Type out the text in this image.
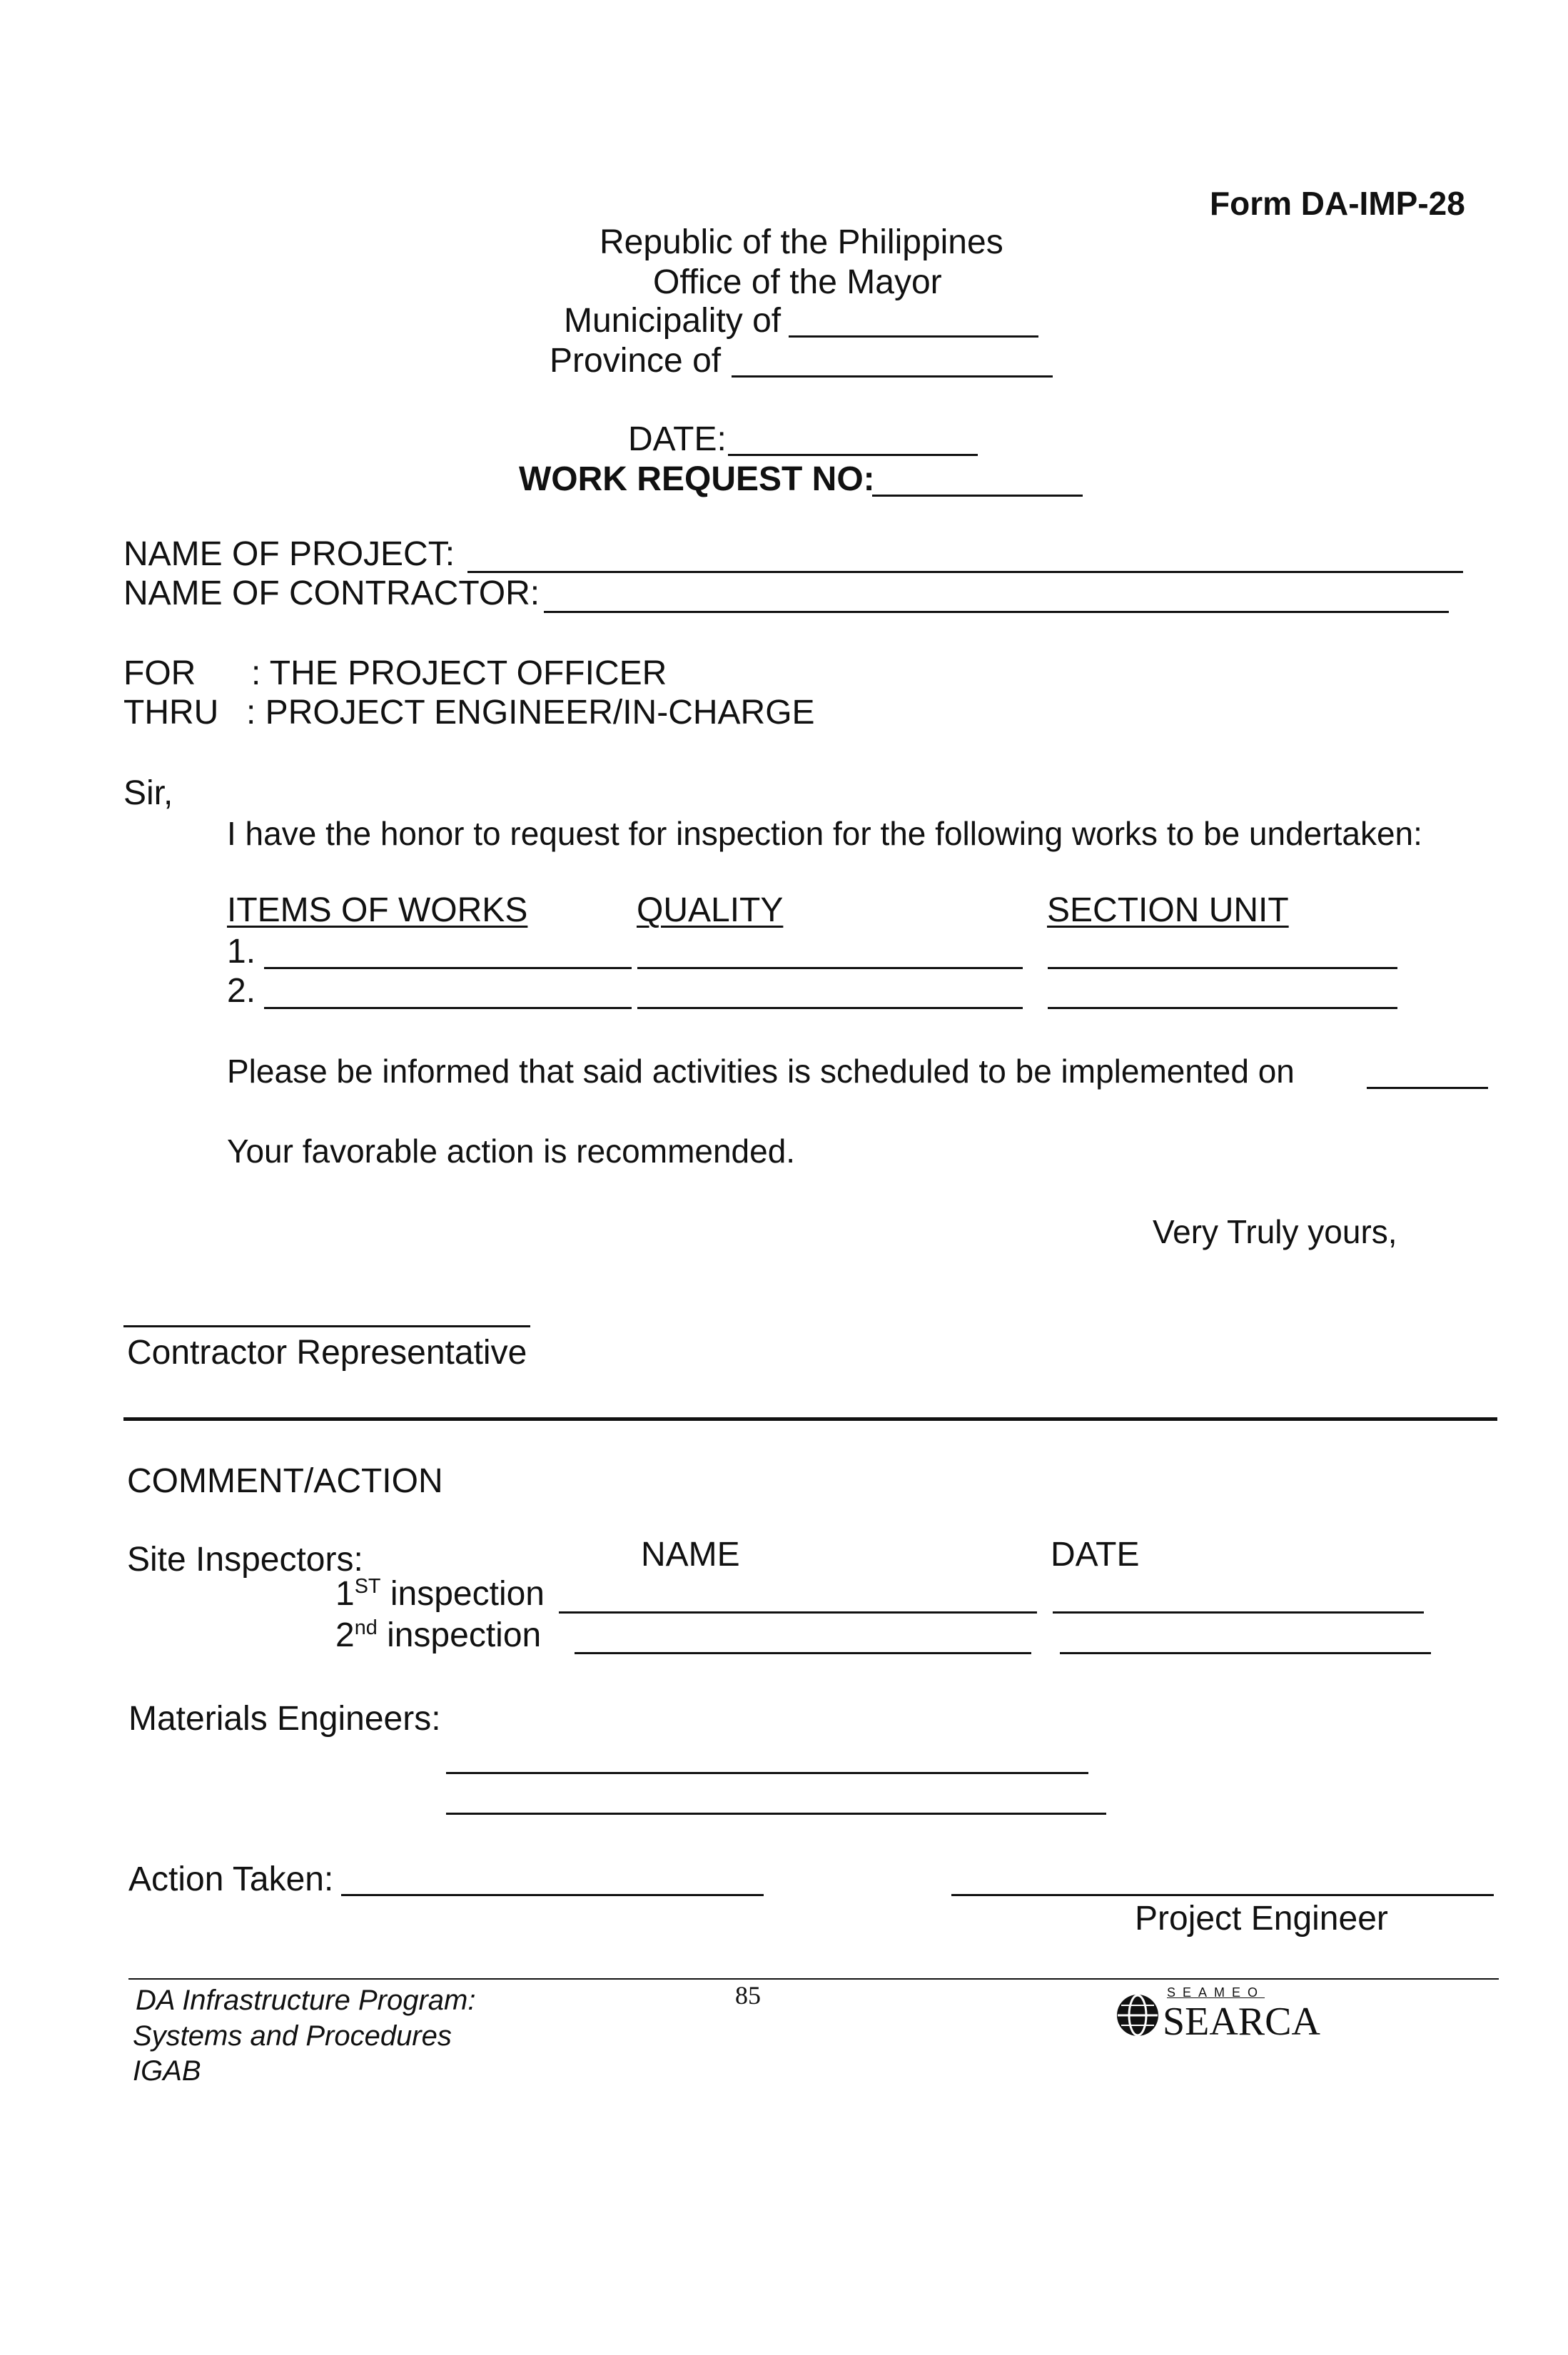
Form DA-IMP-28
Republic of the Philippines
Office of the Mayor
Municipality of
Province of
DATE:
WORK REQUEST NO:
NAME OF PROJECT:
NAME OF CONTRACTOR:
FOR : THE PROJECT OFFICER
THRU : PROJECT ENGINEER/IN-CHARGE
Sir,
I have the honor to request for inspection for the following works to be undertaken:
ITEMS OF WORKS	QUALITY	SECTION UNIT
1.
2.
Please be informed that said activities is scheduled to be implemented on
Your favorable action is recommended.
Very Truly yours,
Contractor Representative
COMMENT/ACTION
Site Inspectors:	NAME	DATE
1ST inspection
2nd inspection
Materials Engineers:
Action Taken:
Project Engineer
DA Infrastructure Program:
Systems and Procedures
IGAB
85	SEAMEO
SEARCA
